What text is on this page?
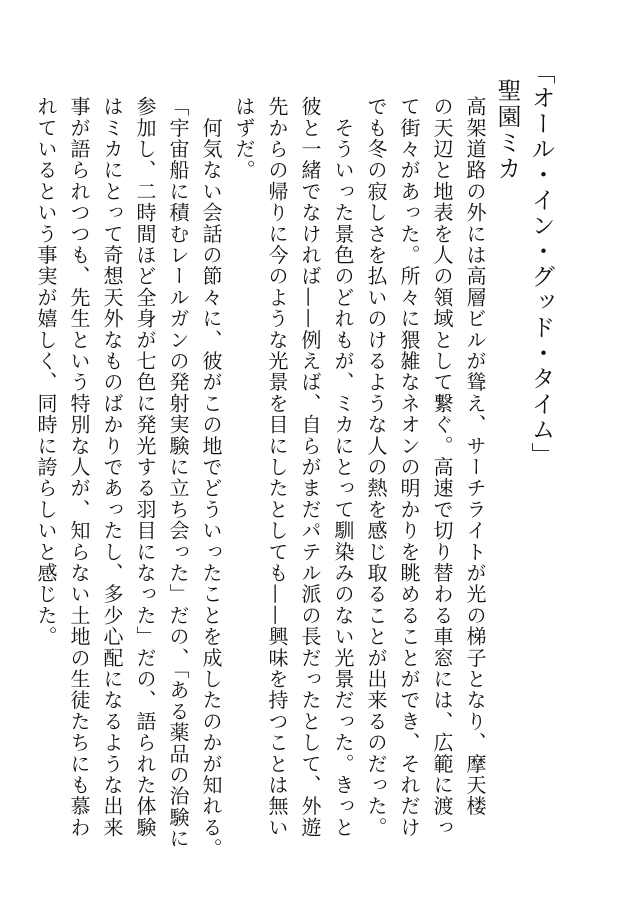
「オール・イン・グッド・タイム」
聖園ミカ
高架道路の外には高層ビルが聳え、サーチライトが光の梯子となり、摩天楼
の天辺と地表を人の領域として繋ぐ。高速で切り替わる車窓には、広範に渡っ
て街々があった。所々に猥雑なネオンの明かりを眺めることができ、それだけ
でも冬の寂しさを払いのけるような人の熱を感じ取ることが出来るのだった。
　そういった景色のどれもが、ミカにとって馴染みのない光景だった。きっと
彼と一緒でなければ——例えば、自らがまだパテル派の長だったとして、外遊
先からの帰りに今のような光景を目にしたとしても——興味を持つことは無い
はずだ。
　何気ない会話の節々に、彼がこの地でどういったことを成したのかが知れる。
「宇宙船に積むレールガンの発射実験に立ち会った」だの、「ある薬品の治験に
参加し、二時間ほど全身が七色に発光する羽目になった」だの、語られた体験
はミカにとって奇想天外なものばかりであったし、多少心配になるような出来
事が語られつつも、先生という特別な人が、知らない土地の生徒たちにも慕わ
れているという事実が嬉しく、同時に誇らしいと感じた。
